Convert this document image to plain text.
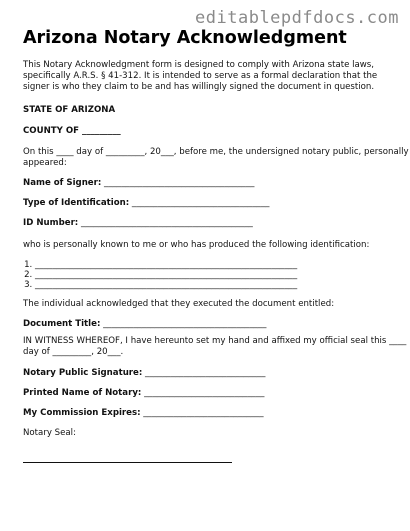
editablepdfdocs.com
Arizona Notary Acknowledgment

This Notary Acknowledgment form is designed to comply with Arizona state laws, specifically A.R.S. § 41-312. It is intended to serve as a formal declaration that the signer is who they claim to be and has willingly signed the document in question.

STATE OF ARIZONA

COUNTY OF _________

On this ____ day of _________, 20___, before me, the undersigned notary public, personally

appeared:

Name of Signer: ___________________________________

Type of Identification: ________________________________

ID Number: ________________________________________

who is personally known to me or who has produced the following identification:

1. _____________________________________________________________
2. _____________________________________________________________
3. _____________________________________________________________

The individual acknowledged that they executed the document entitled:

Document Title: ______________________________________

IN WITNESS WHEREOF, I have hereunto set my hand and affixed my official seal this ____

day of _________, 20___.

Notary Public Signature: ____________________________

Printed Name of Notary: ____________________________

My Commission Expires: ____________________________

Notary Seal:
